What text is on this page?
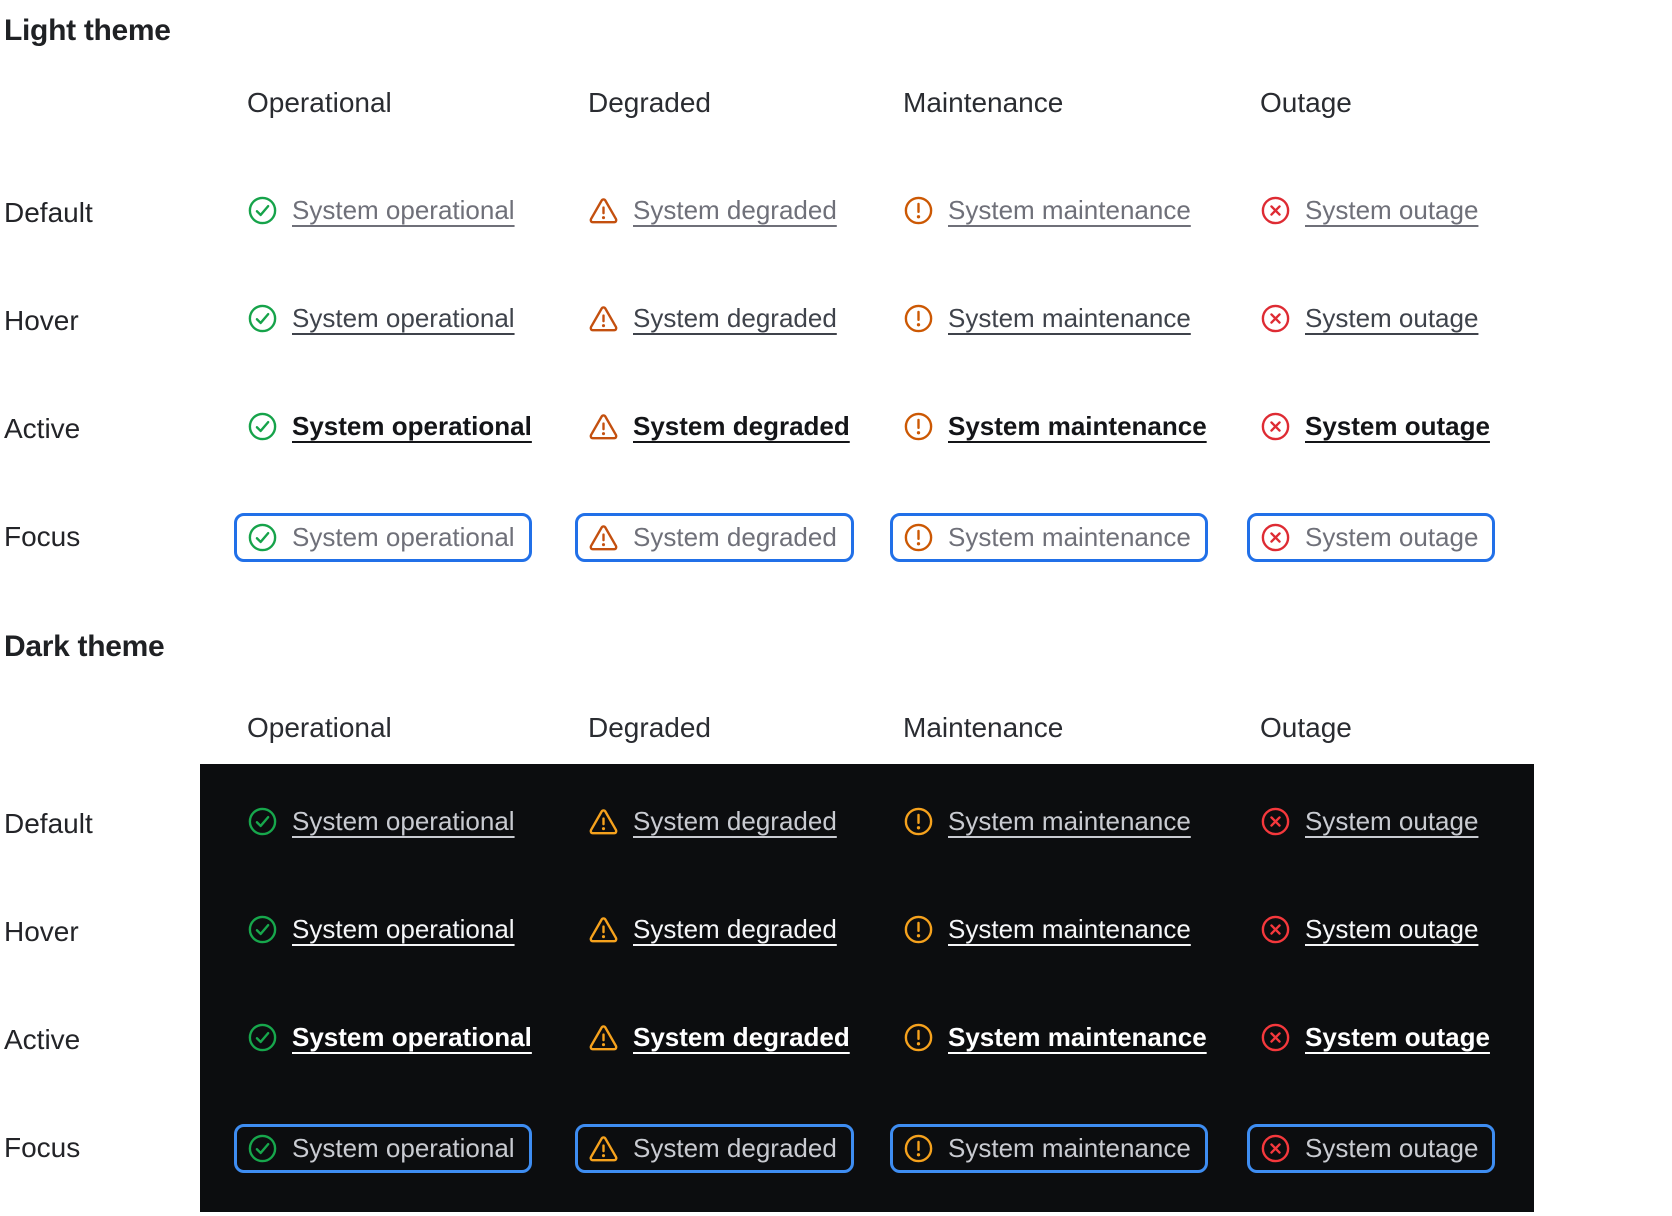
Light theme
Operational	Degraded	Maintenance	Outage
Default	System operational	System degraded	System maintenance	System outage
Hover	System operational	System degraded	System maintenance	System outage
Active	System operational	System degraded	System maintenance	System outage
Focus	System operational	System degraded	System maintenance	System outage
Dark theme
Operational	Degraded	Maintenance	Outage
Default	System operational	System degraded	System maintenance	System outage
Hover	System operational	System degraded	System maintenance	System outage
Active	System operational	System degraded	System maintenance	System outage
Focus	System operational	System degraded	System maintenance	System outage
